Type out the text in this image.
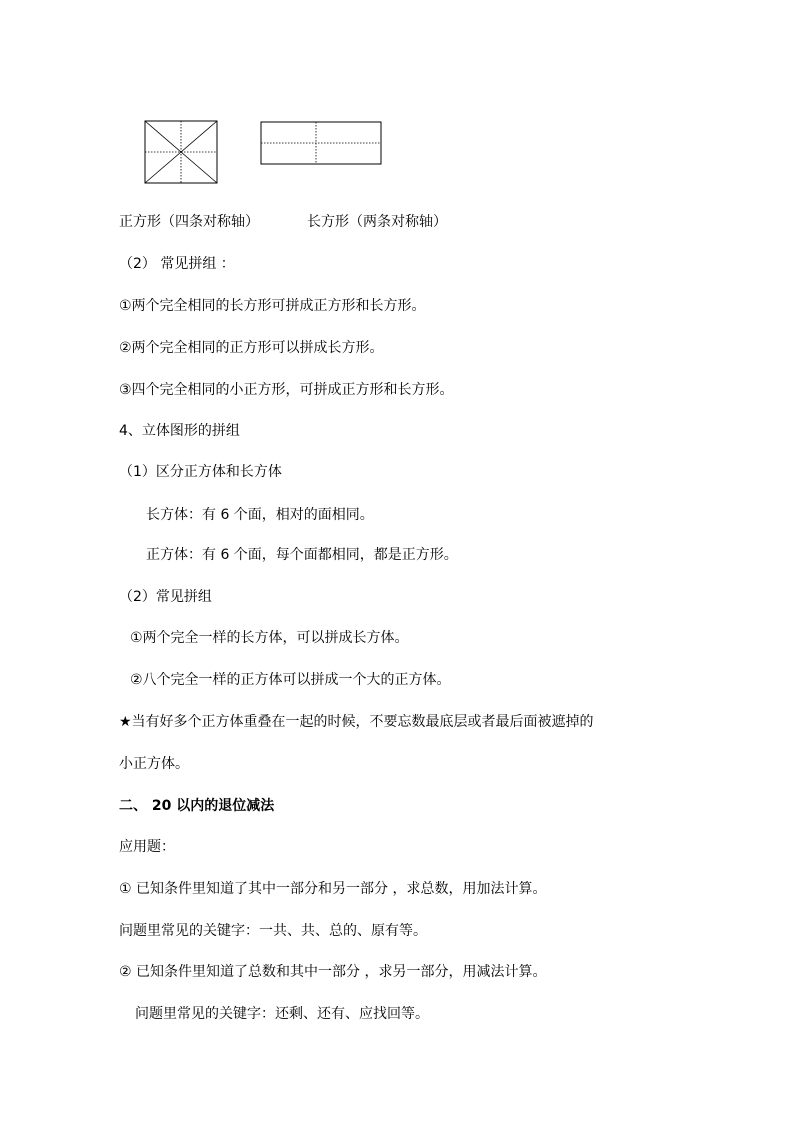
正方形（四条对称轴）	长方形（两条对称轴）
（2） 常见拼组 ：
①两个完全相同的长方形可拼成正方形和长方形。
②两个完全相同的正方形可以拼成长方形。
③四个完全相同的小正方形，可拼成正方形和长方形。
4、立体图形的拼组
（1）区分正方体和长方体
长方体：有 6 个面，相对的面相同。
正方体：有 6 个面，每个面都相同，都是正方形。
（2）常见拼组
①两个完全一样的长方体，可以拼成长方体。
②八个完全一样的正方体可以拼成一个大的正方体。
★当有好多个正方体重叠在一起的时候，不要忘数最底层或者最后面被遮掉的
小正方体。
二、 20 以内的退位减法
应用题：
① 已知条件里知道了其中一部分和另一部分 ，求总数，用加法计算。
问题里常见的关键字：一共、共、总的、原有等。
② 已知条件里知道了总数和其中一部分 ，求另一部分，用减法计算。
问题里常见的关键字：还剩、还有、应找回等。
